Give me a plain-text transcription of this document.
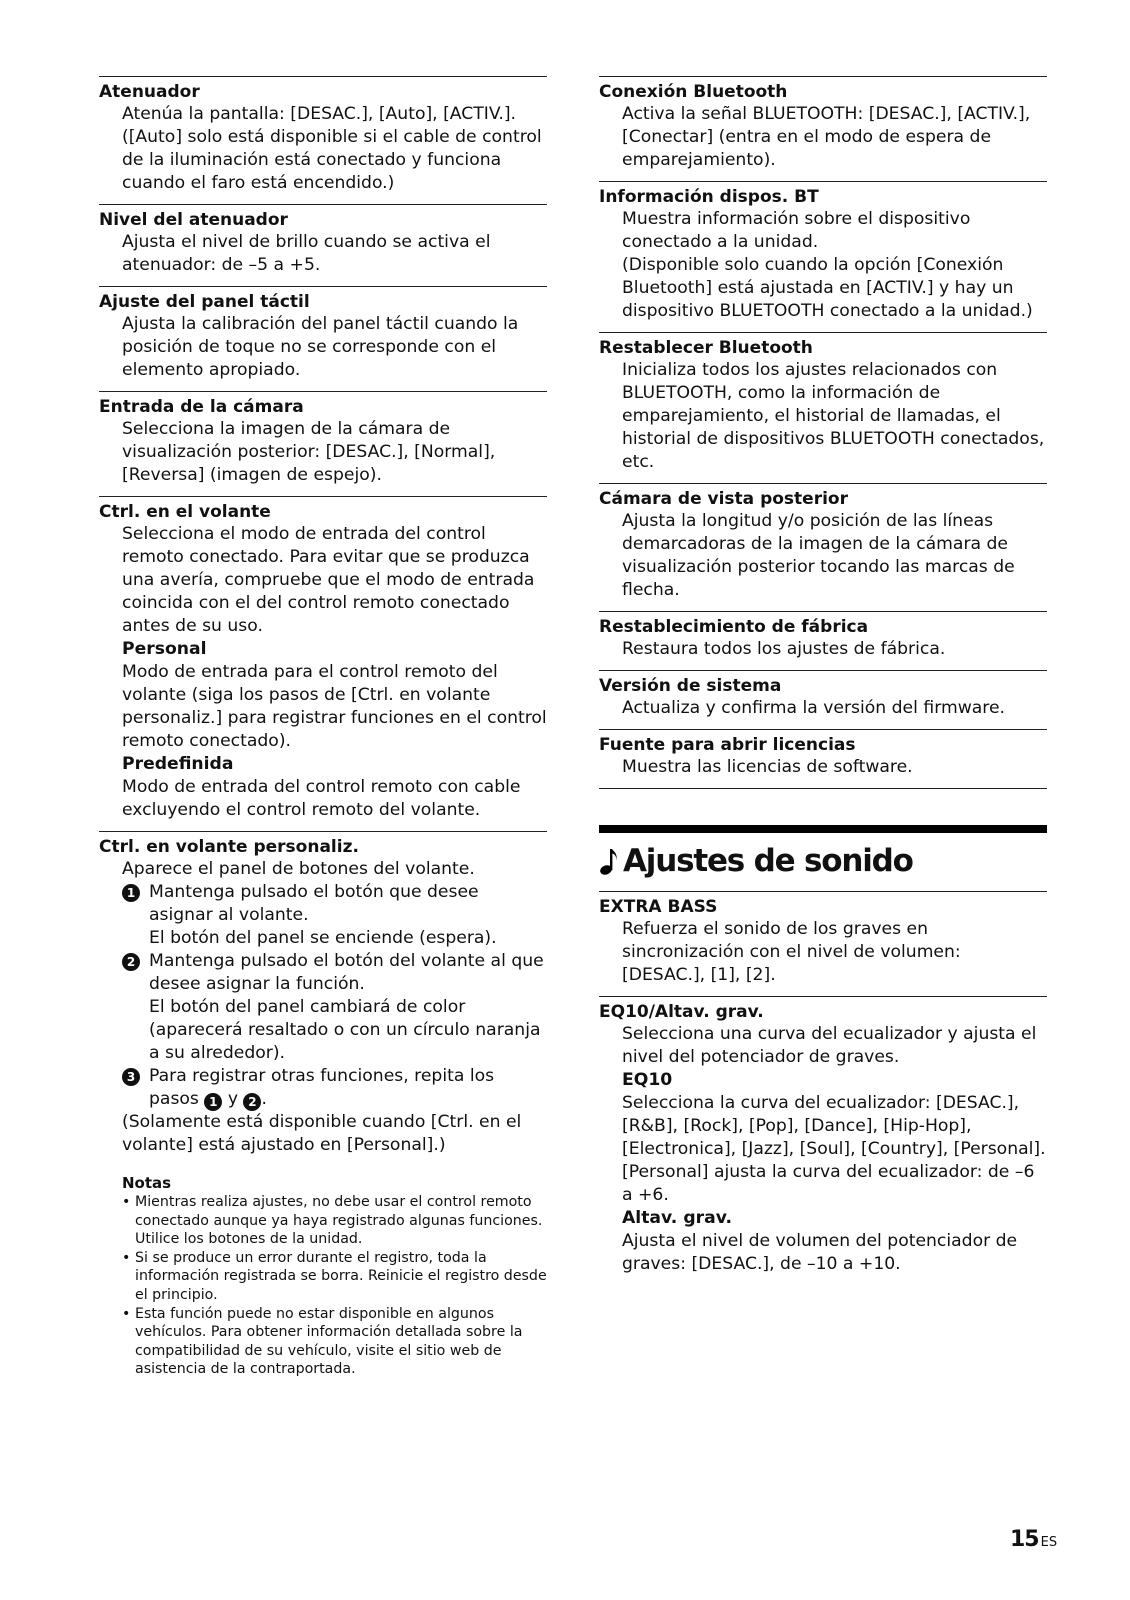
Atenuador
Atenúa la pantalla: [DESAC.], [Auto], [ACTIV.]. ([Auto] solo está disponible si el cable de control de la iluminación está conectado y funciona cuando el faro está encendido.)
Nivel del atenuador
Ajusta el nivel de brillo cuando se activa el atenuador: de –5 a +5.
Ajuste del panel táctil
Ajusta la calibración del panel táctil cuando la posición de toque no se corresponde con el elemento apropiado.
Entrada de la cámara
Selecciona la imagen de la cámara de visualización posterior: [DESAC.], [Normal], [Reversa] (imagen de espejo).
Ctrl. en el volante

Selecciona el modo de entrada del control remoto conectado. Para evitar que se produzca una avería, compruebe que el modo de entrada coincida con el del control remoto conectado antes de su uso.

Personal

Modo de entrada para el control remoto del volante (siga los pasos de [Ctrl. en volante personaliz.] para registrar funciones en el control remoto conectado).

Predefinida

Modo de entrada del control remoto con cable excluyendo el control remoto del volante.

Ctrl. en volante personaliz.

Aparece el panel de botones del volante.

1 Mantenga pulsado el botón que desee asignar al volante.

El botón del panel se enciende (espera).

2 Mantenga pulsado el botón del volante al que desee asignar la función.

El botón del panel cambiará de color (aparecerá resaltado o con un círculo naranja a su alrededor).

3 Para registrar otras funciones, repita los pasos 1 y 2 .

(Solamente está disponible cuando [Ctrl. en el volante] está ajustado en [Personal].)

Notas
• Mientras realiza ajustes, no debe usar el control remoto conectado aunque ya haya registrado algunas funciones. Utilice los botones de la unidad.
• Si se produce un error durante el registro, toda la información registrada se borra. Reinicie el registro desde el principio.
• Esta función puede no estar disponible en algunos vehículos. Para obtener información detallada sobre la compatibilidad de su vehículo, visite el sitio web de asistencia de la contraportada.
Conexión Bluetooth
Activa la señal BLUETOOTH: [DESAC.], [ACTIV.], [Conectar] (entra en el modo de espera de emparejamiento).
Información dispos. BT

Muestra información sobre el dispositivo conectado a la unidad.

(Disponible solo cuando la opción [Conexión Bluetooth] está ajustada en [ACTIV.] y hay un dispositivo BLUETOOTH conectado a la unidad.)

Restablecer Bluetooth
Inicializa todos los ajustes relacionados con BLUETOOTH, como la información de emparejamiento, el historial de llamadas, el historial de dispositivos BLUETOOTH conectados, etc.
Cámara de vista posterior
Ajusta la longitud y/o posición de las líneas demarcadoras de la imagen de la cámara de visualización posterior tocando las marcas de flecha.
Restablecimiento de fábrica
Restaura todos los ajustes de fábrica.
Versión de sistema
Actualiza y confirma la versión del firmware.
Fuente para abrir licencias
Muestra las licencias de software.
Ajustes de sonido
EXTRA BASS
Refuerza el sonido de los graves en sincronización con el nivel de volumen: [DESAC.], [1], [2].
EQ10/Altav. grav.

Selecciona una curva del ecualizador y ajusta el nivel del potenciador de graves.

EQ10

Selecciona la curva del ecualizador: [DESAC.], [R&B], [Rock], [Pop], [Dance], [Hip-Hop], [Electronica], [Jazz], [Soul], [Country], [Personal]. [Personal] ajusta la curva del ecualizador: de –6 a +6.

Altav. grav.

Ajusta el nivel de volumen del potenciador de graves: [DESAC.], de –10 a +10.

15 ES
